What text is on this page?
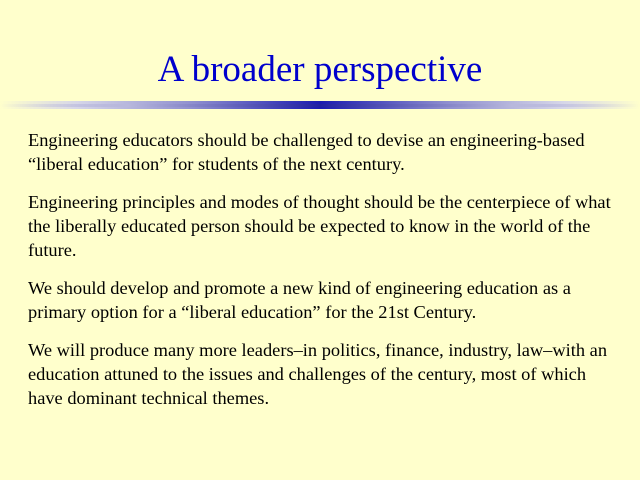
A broader perspective

Engineering educators should be challenged to devise an engineering-based “liberal education” for students of the next century.

Engineering principles and modes of thought should be the centerpiece of what the liberally educated person should be expected to know in the world of the future.

We should develop and promote a new kind of engineering education as a primary option for a “liberal education” for the 21st Century.

We will produce many more leaders–in politics, finance, industry, law–with an education attuned to the issues and challenges of the century, most of which have dominant technical themes.
